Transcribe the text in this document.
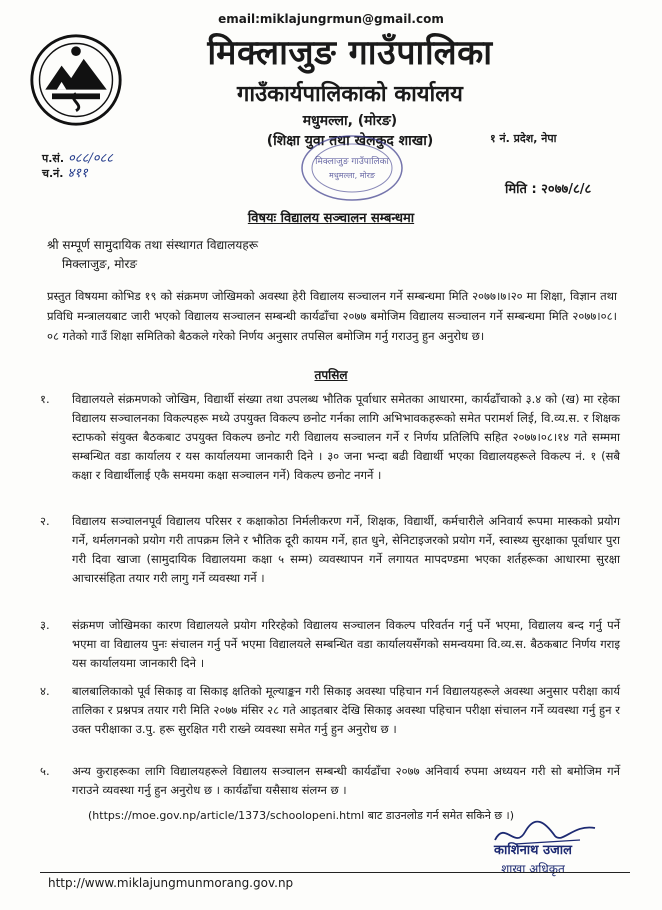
email:miklajungrmun@gmail.com
मिक्लाजुङ गाउँपालिका
गाउँकार्यपालिकाको कार्यालय
मधुमल्ला, (मोरङ)
(शिक्षा युवा तथा खेलकुद शाखा)	१ नं. प्रदेश, नेपा
प.सं. ०८८/०८८
च.नं. ४११
मिक्लाजुङ गाउँपालिका
मधुमल्ला, मोरङ
मिति : २०७७/८/८
विषयः विद्यालय सञ्चालन सम्बन्धमा
श्री सम्पूर्ण सामुदायिक तथा संस्थागत विद्यालयहरू
मिक्लाजुङ, मोरङ
प्रस्तुत विषयमा कोभिड १९ को संक्रमण जोखिमको अवस्था हेरी विद्यालय सञ्चालन गर्ने सम्बन्धमा मिति २०७७।७।२० मा शिक्षा, विज्ञान तथा प्रविधि मन्त्रालयबाट जारी भएको विद्यालय सञ्चालन सम्बन्धी कार्यढाँचा २०७७ बमोजिम विद्यालय सञ्चालन गर्ने सम्बन्धमा मिति २०७७।०८।०८ गतेको गाउँ शिक्षा समितिको बैठकले गरेको निर्णय अनुसार तपसिल बमोजिम गर्नु गराउनु हुन अनुरोध छ।
तपसिल
१.	विद्यालयले संक्रमणको जोखिम, विद्यार्थी संख्या तथा उपलब्ध भौतिक पूर्वाधार समेतका आधारमा, कार्यढाँचाको ३.४ को (ख) मा रहेका विद्यालय सञ्चालनका विकल्पहरू मध्ये उपयुक्त विकल्प छनोट गर्नका लागि अभिभावकहरूको समेत परामर्श लिई, वि.व्य.स. र शिक्षक स्टाफको संयुक्त बैठकबाट उपयुक्त विकल्प छनोट गरी विद्यालय सञ्चालन गर्ने र निर्णय प्रतिलिपि सहित २०७७।०८।१४ गते सम्ममा सम्बन्धित वडा कार्यालय र यस कार्यालयमा जानकारी दिने । ३० जना भन्दा बढी विद्यार्थी भएका विद्यालयहरूले विकल्प नं. १ (सबै कक्षा र विद्यार्थीलाई एकै समयमा कक्षा सञ्चालन गर्ने) विकल्प छनोट नगर्ने ।
२.	विद्यालय सञ्चालनपूर्व विद्यालय परिसर र कक्षाकोठा निर्मलीकरण गर्ने, शिक्षक, विद्यार्थी, कर्मचारीले अनिवार्य रूपमा मास्कको प्रयोग गर्ने, थर्मलगनको प्रयोग गरी तापक्रम लिने र भौतिक दूरी कायम गर्ने, हात धुने, सेनिटाइजरको प्रयोग गर्ने, स्वास्थ्य सुरक्षाका पूर्वाधार पुरा गरी दिवा खाजा (सामुदायिक विद्यालयमा कक्षा ५ सम्म) व्यवस्थापन गर्ने लगायत मापदण्डमा भएका शर्तहरूका आधारमा सुरक्षा आचारसंहिता तयार गरी लागु गर्ने व्यवस्था गर्ने ।
३.	संक्रमण जोखिमका कारण विद्यालयले प्रयोग गरिरहेको विद्यालय सञ्चालन विकल्प परिवर्तन गर्नु पर्ने भएमा, विद्यालय बन्द गर्नु पर्ने भएमा वा विद्यालय पुनः संचालन गर्नु पर्ने भएमा विद्यालयले सम्बन्धित वडा कार्यालयसँगको समन्वयमा वि.व्य.स. बैठकबाट निर्णय गराइ यस कार्यालयमा जानकारी दिने ।
४.	बालबालिकाको पूर्व सिकाइ वा सिकाइ क्षतिको मूल्याङ्कन गरी सिकाइ अवस्था पहिचान गर्न विद्यालयहरूले अवस्था अनुसार परीक्षा कार्य तालिका र प्रश्नपत्र तयार गरी मिति २०७७ मंसिर २८ गते आइतबार देखि सिकाइ अवस्था पहिचान परीक्षा संचालन गर्ने व्यवस्था गर्नु हुन र उक्त परीक्षाका उ.पु. हरू सुरक्षित गरी राख्ने व्यवस्था समेत गर्नु हुन अनुरोध छ ।
५.	अन्य कुराहरूका लागि विद्यालयहरूले विद्यालय सञ्चालन सम्बन्धी कार्यढाँचा २०७७ अनिवार्य रुपमा अध्ययन गरी सो बमोजिम गर्ने गराउने व्यवस्था गर्नु हुन अनुरोध छ । कार्यढाँचा यसैसाथ संलग्न छ ।
(https://moe.gov.np/article/1373/schoolopeni.html बाट डाउनलोड गर्न समेत सकिने छ ।)
काशिनाथ उजाल
शाखा अधिकृत
http://www.miklajungmunmorang.gov.np
